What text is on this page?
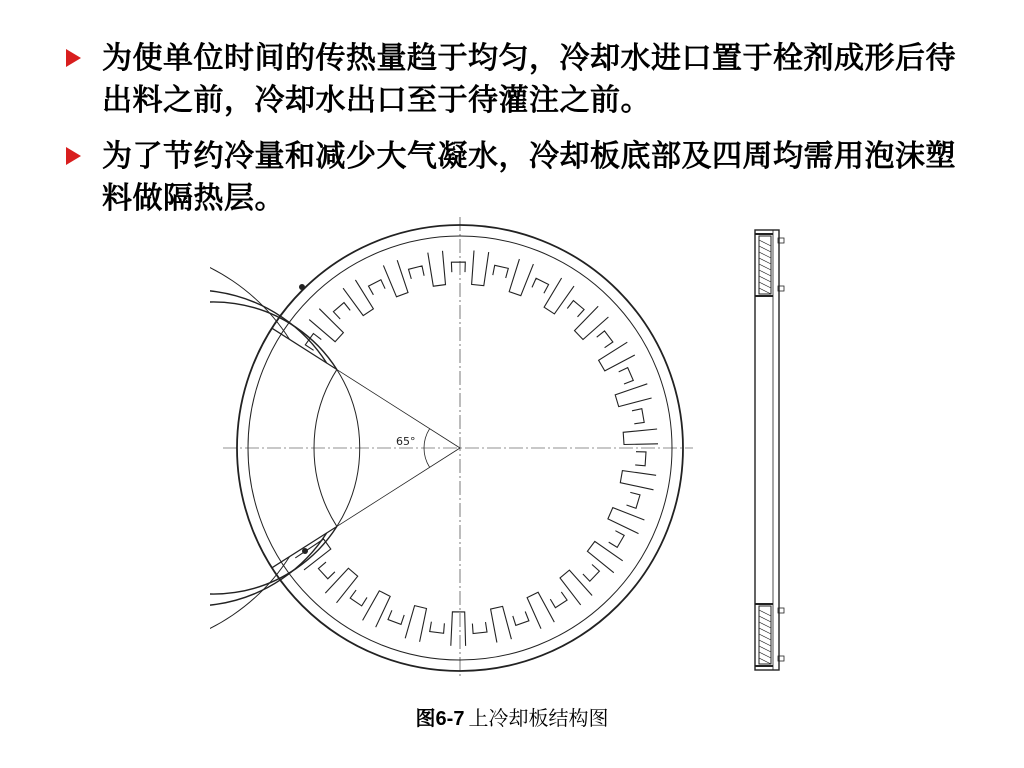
为使单位时间的传热量趋于均匀，冷却水进口置于栓剂成形后待出料之前，冷却水出口至于待灌注之前。
为了节约冷量和减少大气凝水，冷却板底部及四周均需用泡沫塑料做隔热层。
65°
图6-7 上冷却板结构图
